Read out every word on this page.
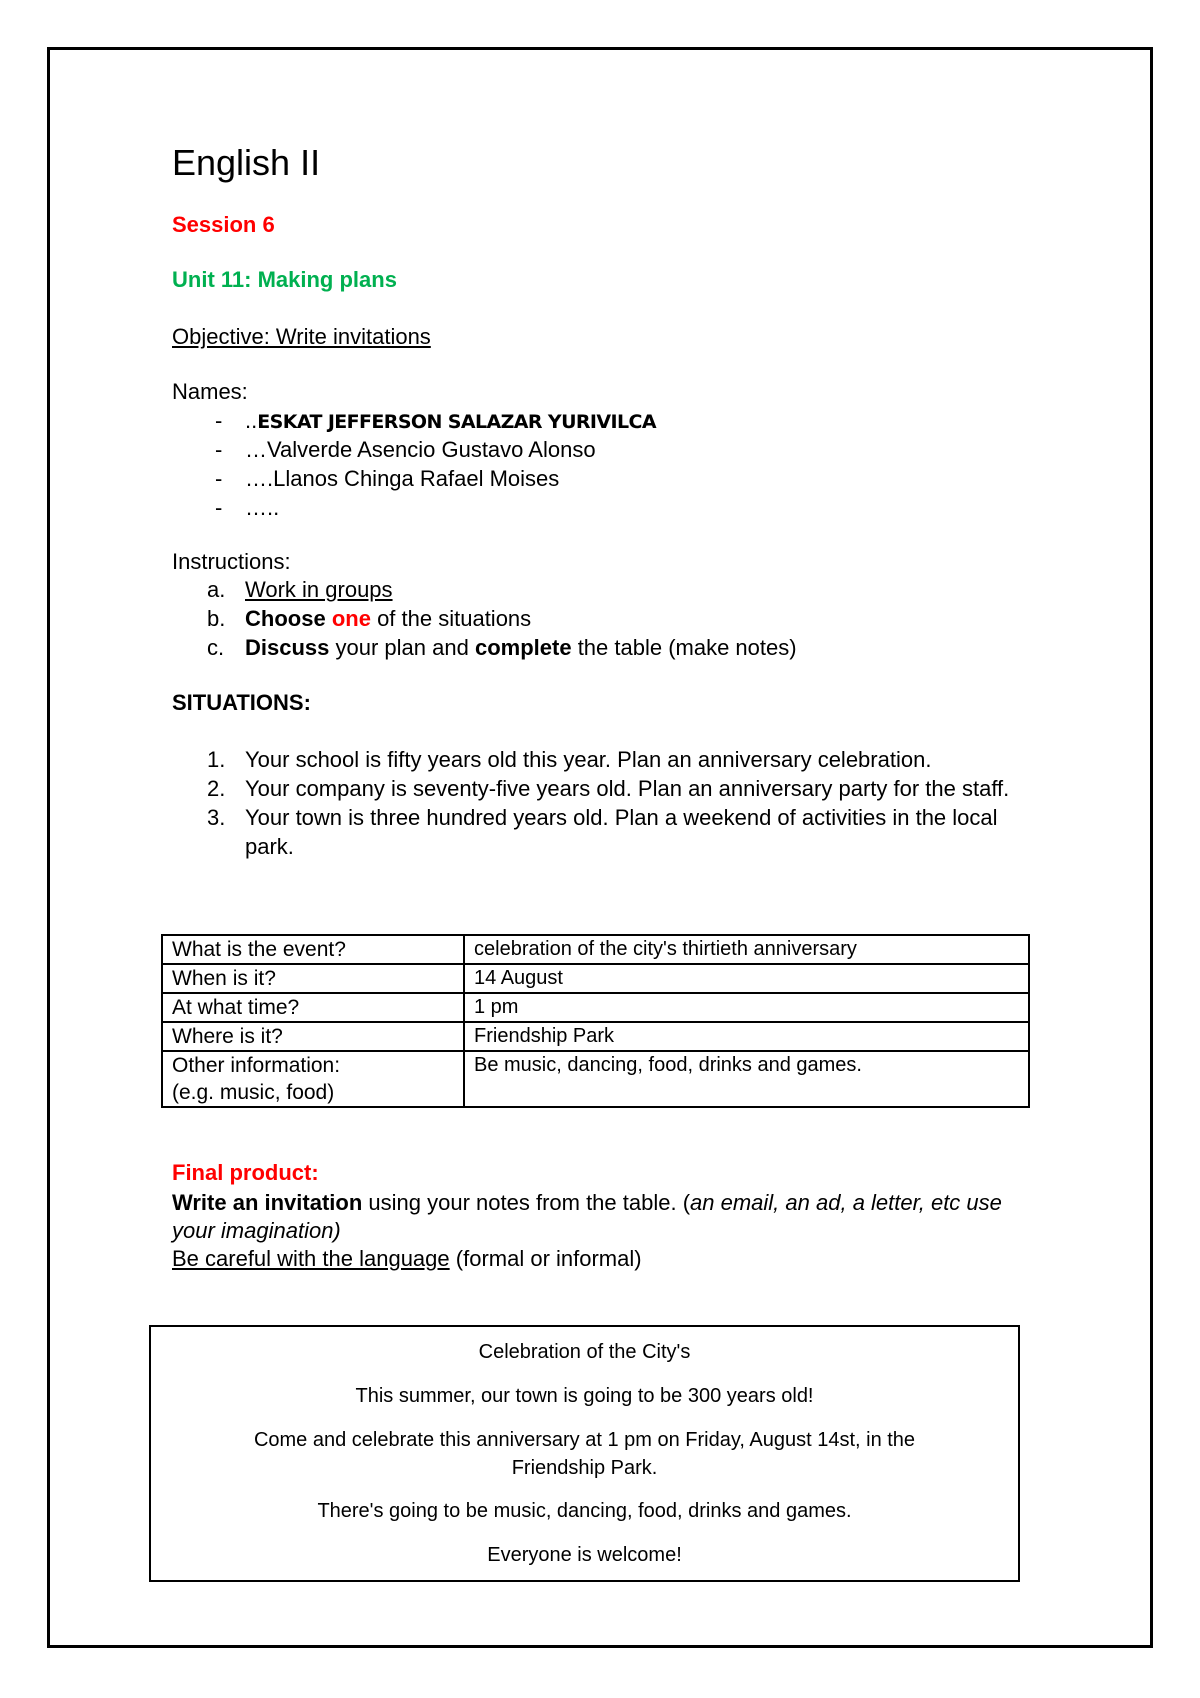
English II
Session 6
Unit 11: Making plans
Objective: Write invitations
Names:
- ..ESKAT JEFFERSON SALAZAR YURIVILCA
- …Valverde Asencio Gustavo Alonso
- ….Llanos Chinga Rafael Moises
- …..
Instructions:
a. Work in groups
b. Choose one of the situations
c. Discuss your plan and complete the table (make notes)
SITUATIONS:
1. Your school is fifty years old this year. Plan an anniversary celebration.
2. Your company is seventy-five years old. Plan an anniversary party for the staff.
3. Your town is three hundred years old. Plan a weekend of activities in the local park.
What is the event?	celebration of the city's thirtieth anniversary
When is it?	14 August
At what time?	1 pm
Where is it?	Friendship Park

Other information:
(e.g. music, food)	Be music, dancing, food, drinks and games.
Final product:
Write an invitation using your notes from the table. (an email, an ad, a letter, etc use your imagination)
Be careful with the language (formal or informal)

Celebration of the City's

This summer, our town is going to be 300 years old!

Come and celebrate this anniversary at 1 pm on Friday, August 14st, in the Friendship Park.

There's going to be music, dancing, food, drinks and games.

Everyone is welcome!
